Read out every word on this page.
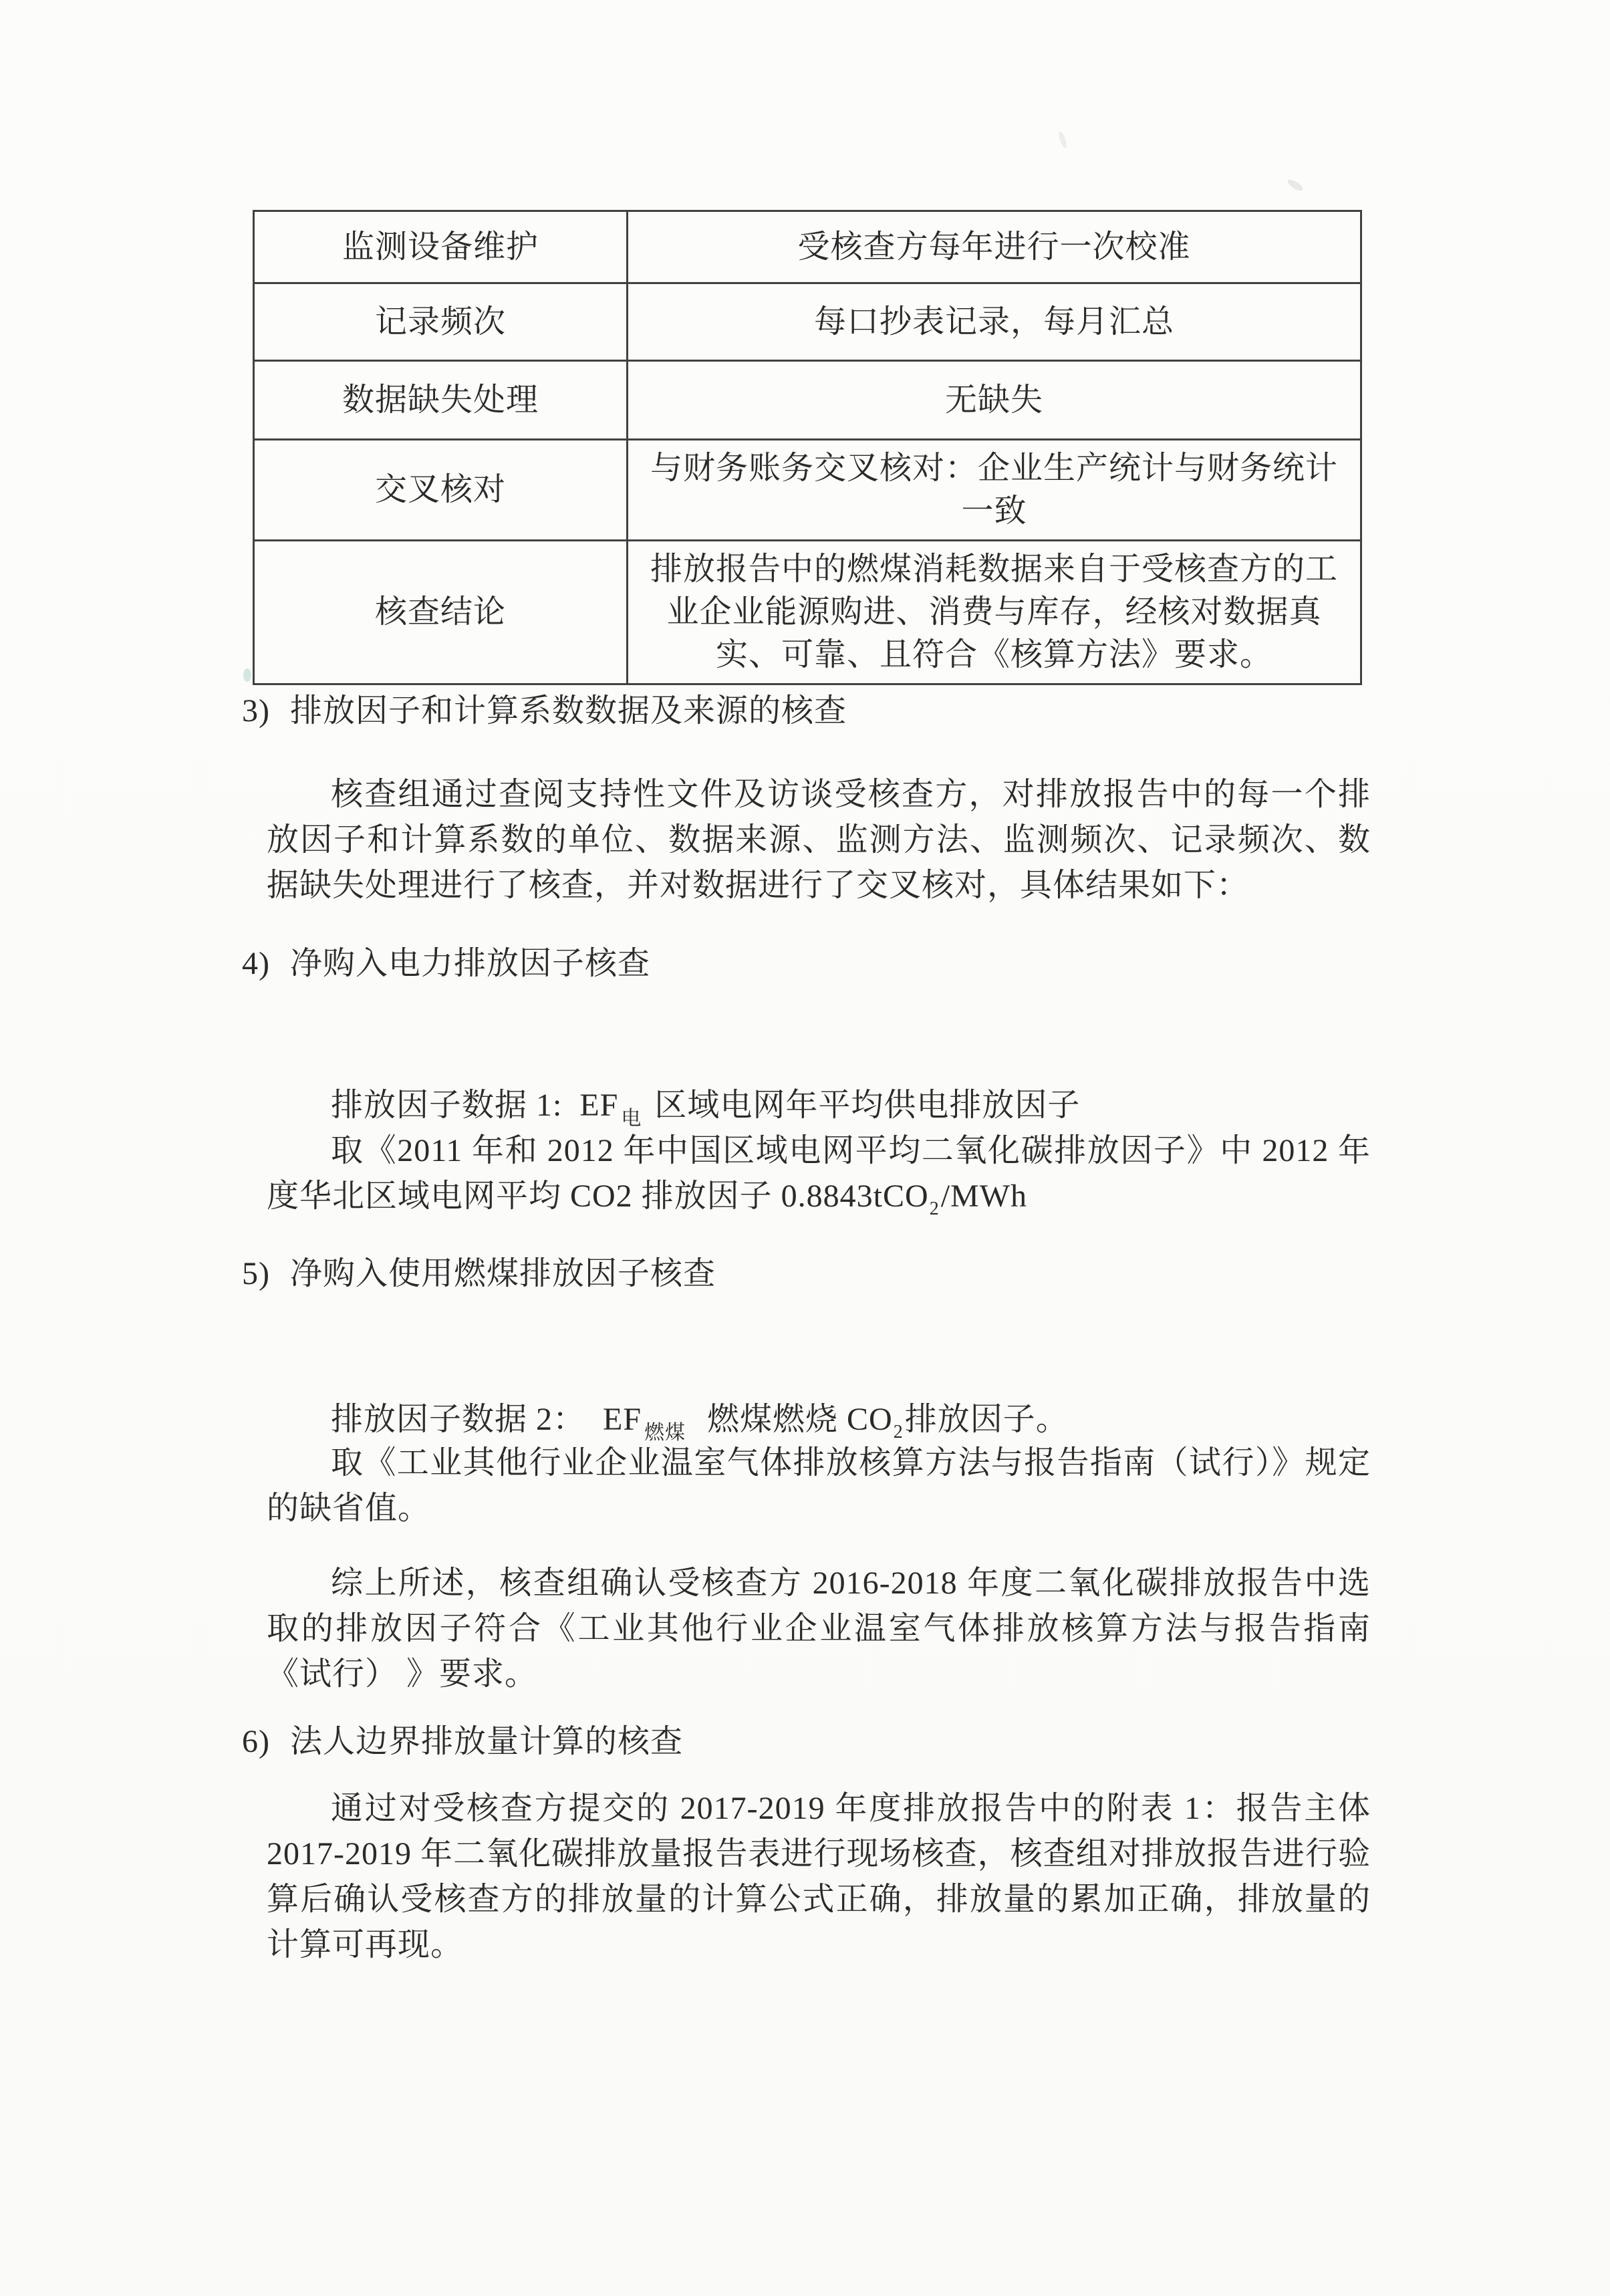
监测设备维护	受核查方每年进行一次校准
记录频次	每口抄表记录，每月汇总
数据缺失处理	无缺失
交叉核对	与财务账务交叉核对：企业生产统计与财务统计一致
核查结论	排放报告中的燃煤消耗数据来自于受核查方的工业企业能源购进、消费与库存，经核对数据真实、可靠、且符合《核算方法》要求。
3) 排放因子和计算系数数据及来源的核查
核查组通过查阅支持性文件及访谈受核查方，对排放报告中的每一个排放因子和计算系数的单位、数据来源、监测方法、监测频次、记录频次、数据缺失处理进行了核查，并对数据进行了交叉核对，具体结果如下：
4) 净购入电力排放因子核查

排放因子数据 1:  EF $_电$ 区域电网年平均供电排放因子

取《2011 年和 2012 年中国区域电网平均二氧化碳排放因子》中 2012 年度华北区域电网平均 CO2 排放因子 0.8843tCO$_2$/MWh
5) 净购入使用燃煤排放因子核查

排放因子数据 2：  EF $_{燃煤}$  燃煤燃烧 $CO_2$排放因子。

取《工业其他行业企业温室气体排放核算方法与报告指南（试行）》规定的缺省值。
综上所述，核查组确认受核查方 2016-2018 年度二氧化碳排放报告中选取的排放因子符合《工业其他行业企业温室气体排放核算方法与报告指南《试行） 》要求。
6) 法人边界排放量计算的核查
通过对受核查方提交的 2017-2019 年度排放报告中的附表 1：报告主体 2017-2019 年二氧化碳排放量报告表进行现场核查，核查组对排放报告进行验算后确认受核查方的排放量的计算公式正确，排放量的累加正确，排放量的计算可再现。
